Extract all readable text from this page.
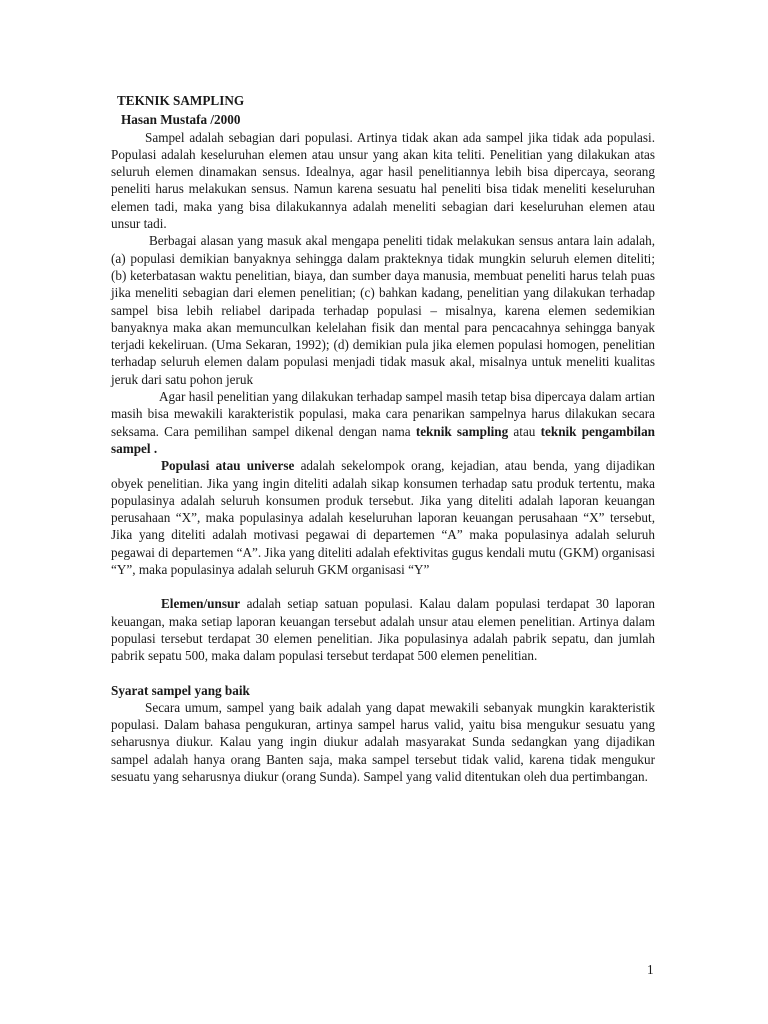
TEKNIK SAMPLING

Hasan Mustafa /2000

Sampel adalah sebagian dari populasi. Artinya tidak akan ada sampel jika tidak ada populasi. Populasi adalah keseluruhan elemen atau unsur yang akan kita teliti. Penelitian yang dilakukan atas seluruh elemen dinamakan sensus. Idealnya, agar hasil penelitiannya lebih bisa dipercaya, seorang peneliti harus melakukan sensus. Namun karena sesuatu hal peneliti bisa tidak meneliti keseluruhan elemen tadi, maka yang bisa dilakukannya adalah meneliti sebagian dari keseluruhan elemen atau unsur tadi.

Berbagai alasan yang masuk akal mengapa peneliti tidak melakukan sensus antara lain adalah,(a) populasi demikian banyaknya sehingga dalam prakteknya tidak mungkin seluruh elemen diteliti; (b) keterbatasan waktu penelitian, biaya, dan sumber daya manusia, membuat peneliti harus telah puas jika meneliti sebagian dari elemen penelitian; (c) bahkan kadang, penelitian yang dilakukan terhadap sampel bisa lebih reliabel daripada terhadap populasi – misalnya, karena elemen sedemikian banyaknya maka akan memunculkan kelelahan fisik dan mental para pencacahnya sehingga banyak terjadi kekeliruan. (Uma Sekaran, 1992); (d) demikian pula jika elemen populasi homogen, penelitian terhadap seluruh elemen dalam populasi menjadi tidak masuk akal, misalnya untuk meneliti kualitas jeruk dari satu pohon jeruk

Agar hasil penelitian yang dilakukan terhadap sampel masih tetap bisa dipercaya dalam artian masih bisa mewakili karakteristik populasi, maka cara penarikan sampelnya harus dilakukan secara seksama. Cara pemilihan sampel dikenal dengan nama teknik sampling atau teknik pengambilan sampel .

Populasi atau universe adalah sekelompok orang, kejadian, atau benda, yang dijadikan obyek penelitian. Jika yang ingin diteliti adalah sikap konsumen terhadap satu produk tertentu, maka populasinya adalah seluruh konsumen produk tersebut. Jika yang diteliti adalah laporan keuangan perusahaan “X”, maka populasinya adalah keseluruhan laporan keuangan perusahaan “X” tersebut, Jika yang diteliti adalah motivasi pegawai di departemen “A” maka populasinya adalah seluruh pegawai di departemen “A”. Jika yang diteliti adalah efektivitas gugus kendali mutu (GKM) organisasi “Y”, maka populasinya adalah seluruh GKM organisasi “Y”

Elemen/unsur adalah setiap satuan populasi. Kalau dalam populasi terdapat 30 laporan keuangan, maka setiap laporan keuangan tersebut adalah unsur atau elemen penelitian. Artinya dalam populasi tersebut terdapat 30 elemen penelitian. Jika populasinya adalah pabrik sepatu, dan jumlah pabrik sepatu 500, maka dalam populasi tersebut terdapat 500 elemen penelitian.

Syarat sampel yang baik

Secara umum, sampel yang baik adalah yang dapat mewakili sebanyak mungkin karakteristik populasi. Dalam bahasa pengukuran, artinya sampel harus valid, yaitu bisa mengukur sesuatu yang seharusnya diukur. Kalau yang ingin diukur adalah masyarakat Sunda sedangkan yang dijadikan sampel adalah hanya orang Banten saja, maka sampel tersebut tidak valid, karena tidak mengukur sesuatu yang seharusnya diukur (orang Sunda). Sampel yang valid ditentukan oleh dua pertimbangan.

1
